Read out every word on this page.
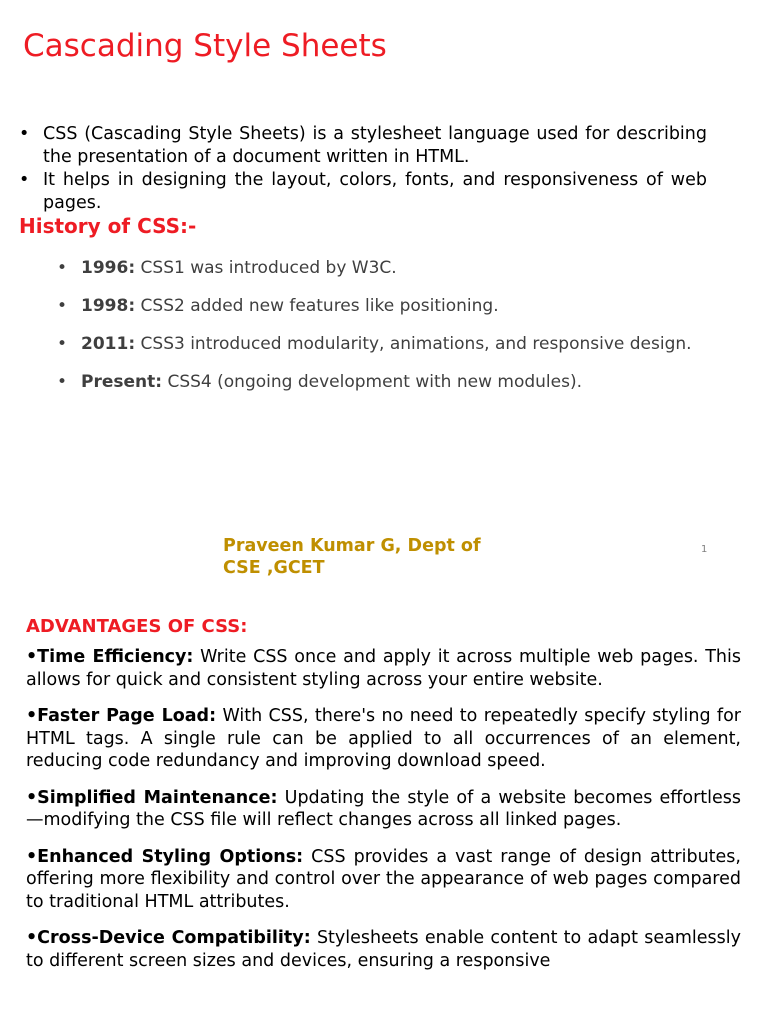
Cascading Style Sheets
• CSS (Cascading Style Sheets) is a stylesheet language used for describing the presentation of a document written in HTML.
• It helps in designing the layout, colors, fonts, and responsiveness of web pages.
History of CSS:-
• 1996: CSS1 was introduced by W3C.
• 1998: CSS2 added new features like positioning.
• 2011: CSS3 introduced modularity, animations, and responsive design.
• Present: CSS4 (ongoing development with new modules).
Praveen Kumar G, Dept of
CSE ,GCET
1
ADVANTAGES OF CSS:

•Time Efficiency: Write CSS once and apply it across multiple web pages. This allows for quick and consistent styling across your entire website.

•Faster Page Load: With CSS, there's no need to repeatedly specify styling for HTML tags. A single rule can be applied to all occurrences of an element, reducing code redundancy and improving download speed.

•Simplified Maintenance: Updating the style of a website becomes effortless—modifying the CSS file will reflect changes across all linked pages.

•Enhanced Styling Options: CSS provides a vast range of design attributes, offering more flexibility and control over the appearance of web pages compared to traditional HTML attributes.

•Cross-Device Compatibility: Stylesheets enable content to adapt seamlessly to different screen sizes and devices, ensuring a responsive
